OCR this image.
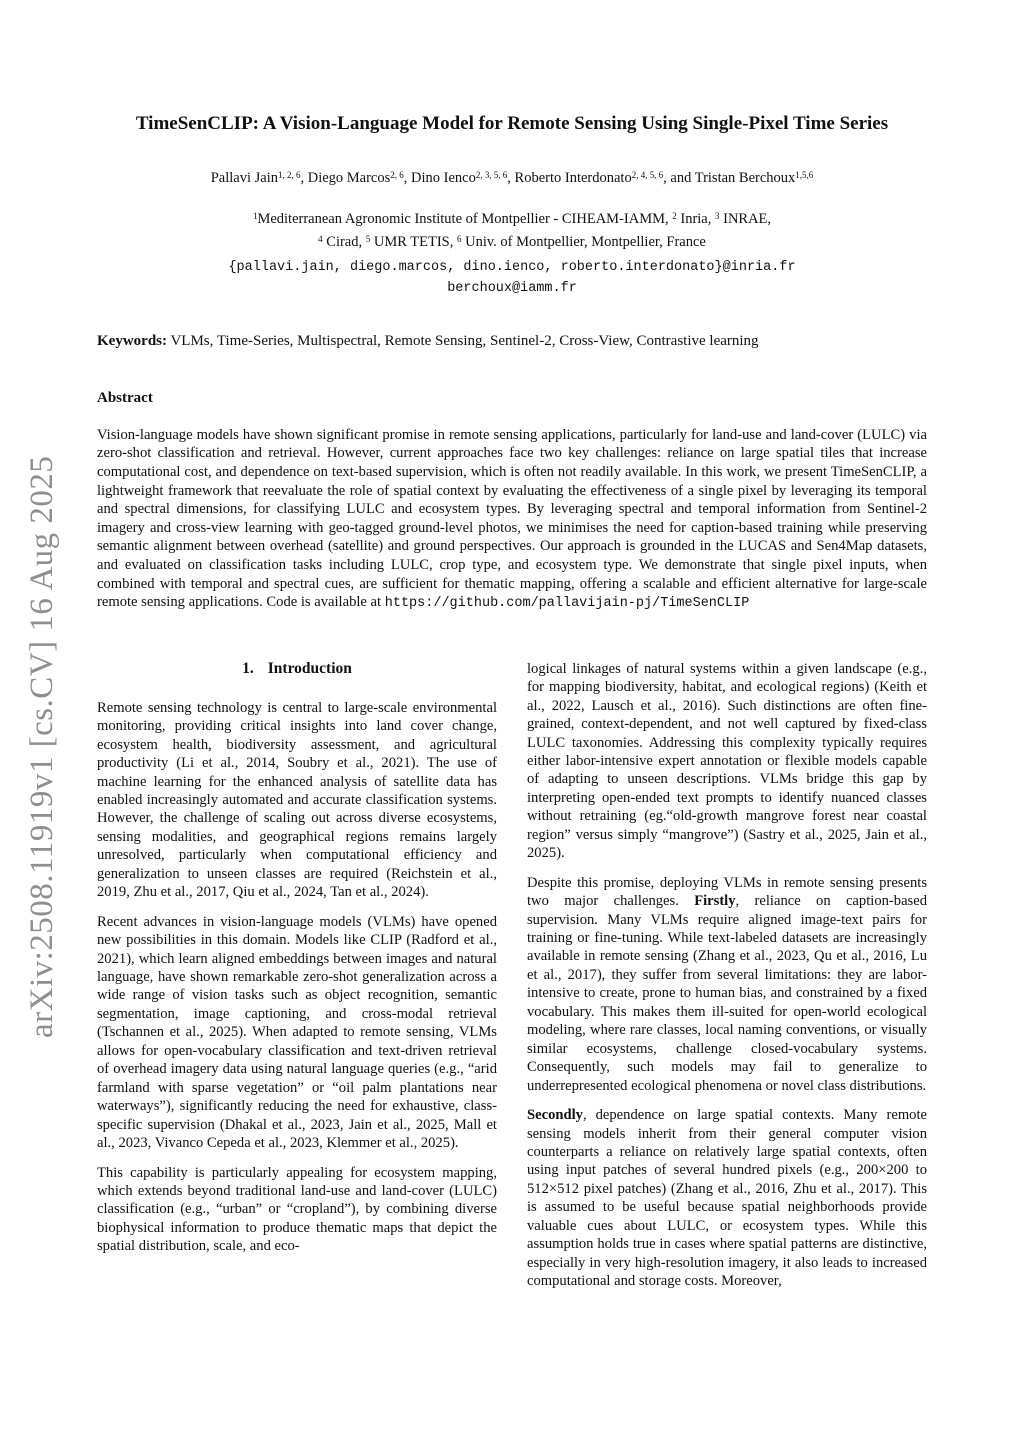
arXiv:2508.11919v1 [cs.CV] 16 Aug 2025
TimeSenCLIP: A Vision-Language Model for Remote Sensing Using Single-Pixel Time Series
Pallavi Jain$^{1, 2, 6}$, Diego Marcos$^{2, 6}$, Dino Ienco$^{2, 3, 5, 6}$, Roberto Interdonato$^{2, 4, 5, 6}$, and Tristan Berchoux$^{1,5,6}$
$^1$Mediterranean Agronomic Institute of Montpellier - CIHEAM-IAMM, $^2$ Inria, $^3$ INRAE,
$^4$ Cirad, $^5$ UMR TETIS, $^6$ Univ. of Montpellier, Montpellier, France
{pallavi.jain, diego.marcos, dino.ienco, roberto.interdonato}@inria.fr
berchoux@iamm.fr
Keywords: VLMs, Time-Series, Multispectral, Remote Sensing, Sentinel-2, Cross-View, Contrastive learning
Abstract

Vision-language models have shown significant promise in remote sensing applications, particularly for land-use and land-cover (LULC) via zero-shot classification and retrieval. However, current approaches face two key challenges: reliance on large spatial tiles that increase computational cost, and dependence on text-based supervision, which is often not readily available. In this work, we present TimeSenCLIP, a lightweight framework that reevaluate the role of spatial context by evaluating the effectiveness of a single pixel by leveraging its temporal and spectral dimensions, for classifying LULC and ecosystem types. By leveraging spectral and temporal information from Sentinel-2 imagery and cross-view learning with geo-tagged ground-level photos, we minimises the need for caption-based training while preserving semantic alignment between overhead (satellite) and ground perspectives. Our approach is grounded in the LUCAS and Sen4Map datasets, and evaluated on classification tasks including LULC, crop type, and ecosystem type. We demonstrate that single pixel inputs, when combined with temporal and spectral cues, are sufficient for thematic mapping, offering a scalable and efficient alternative for large-scale remote sensing applications. Code is available at https://github.com/pallavijain-pj/TimeSenCLIP

1. Introduction

Remote sensing technology is central to large-scale environmental monitoring, providing critical insights into land cover change, ecosystem health, biodiversity assessment, and agricultural productivity (Li et al., 2014, Soubry et al., 2021). The use of machine learning for the enhanced analysis of satellite data has enabled increasingly automated and accurate classification systems. However, the challenge of scaling out across diverse ecosystems, sensing modalities, and geographical regions remains largely unresolved, particularly when computational efficiency and generalization to unseen classes are required (Reichstein et al., 2019, Zhu et al., 2017, Qiu et al., 2024, Tan et al., 2024).

Recent advances in vision-language models (VLMs) have opened new possibilities in this domain. Models like CLIP (Radford et al., 2021), which learn aligned embeddings between images and natural language, have shown remarkable zero-shot generalization across a wide range of vision tasks such as object recognition, semantic segmentation, image captioning, and cross-modal retrieval (Tschannen et al., 2025). When adapted to remote sensing, VLMs allows for open-vocabulary classification and text-driven retrieval of overhead imagery data using natural language queries (e.g., “arid farmland with sparse vegetation” or “oil palm plantations near waterways”), significantly reducing the need for exhaustive, class-specific supervision (Dhakal et al., 2023, Jain et al., 2025, Mall et al., 2023, Vivanco Cepeda et al., 2023, Klemmer et al., 2025).

This capability is particularly appealing for ecosystem mapping, which extends beyond traditional land-use and land-cover (LULC) classification (e.g., “urban” or “cropland”), by combining diverse biophysical information to produce thematic maps that depict the spatial distribution, scale, and eco-

logical linkages of natural systems within a given landscape (e.g., for mapping biodiversity, habitat, and ecological regions) (Keith et al., 2022, Lausch et al., 2016). Such distinctions are often fine-grained, context-dependent, and not well captured by fixed-class LULC taxonomies. Addressing this complexity typically requires either labor-intensive expert annotation or flexible models capable of adapting to unseen descriptions. VLMs bridge this gap by interpreting open-ended text prompts to identify nuanced classes without retraining (eg.“old-growth mangrove forest near coastal region” versus simply “mangrove”) (Sastry et al., 2025, Jain et al., 2025).

Despite this promise, deploying VLMs in remote sensing presents two major challenges. Firstly, reliance on caption-based supervision. Many VLMs require aligned image-text pairs for training or fine-tuning. While text-labeled datasets are increasingly available in remote sensing (Zhang et al., 2023, Qu et al., 2016, Lu et al., 2017), they suffer from several limitations: they are labor-intensive to create, prone to human bias, and constrained by a fixed vocabulary. This makes them ill-suited for open-world ecological modeling, where rare classes, local naming conventions, or visually similar ecosystems, challenge closed-vocabulary systems. Consequently, such models may fail to generalize to underrepresented ecological phenomena or novel class distributions.

Secondly, dependence on large spatial contexts. Many remote sensing models inherit from their general computer vision counterparts a reliance on relatively large spatial contexts, often using input patches of several hundred pixels (e.g., 200×200 to 512×512 pixel patches) (Zhang et al., 2016, Zhu et al., 2017). This is assumed to be useful because spatial neighborhoods provide valuable cues about LULC, or ecosystem types. While this assumption holds true in cases where spatial patterns are distinctive, especially in very high-resolution imagery, it also leads to increased computational and storage costs. Moreover,
